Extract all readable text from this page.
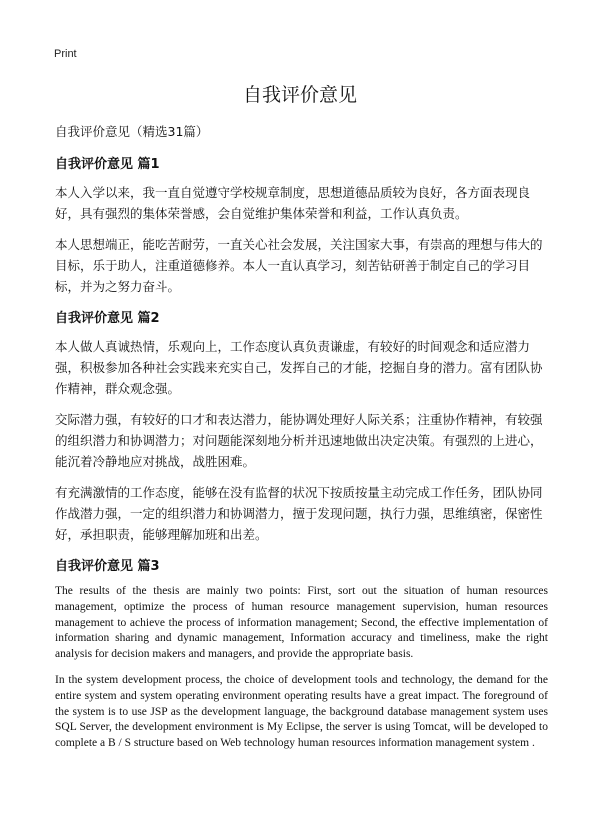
Print
自我评价意见

自我评价意见（精选31篇）

自我评价意见 篇1

本人入学以来，我一直自觉遵守学校规章制度，思想道德品质较为良好，各方面表现良好，具有强烈的集体荣誉感，会自觉维护集体荣誉和利益，工作认真负责。

本人思想端正，能吃苦耐劳，一直关心社会发展，关注国家大事，有崇高的理想与伟大的目标，乐于助人，注重道德修养。本人一直认真学习，刻苦钻研善于制定自己的学习目标，并为之努力奋斗。

自我评价意见 篇2

本人做人真诚热情，乐观向上，工作态度认真负责谦虚，有较好的时间观念和适应潜力强，积极参加各种社会实践来充实自己，发挥自己的才能，挖掘自身的潜力。富有团队协作精神，群众观念强。

交际潜力强，有较好的口才和表达潜力，能协调处理好人际关系；注重协作精神，有较强的组织潜力和协调潜力；对问题能深刻地分析并迅速地做出决定决策。有强烈的上进心，能沉着冷静地应对挑战，战胜困难。

有充满激情的工作态度，能够在没有监督的状况下按质按量主动完成工作任务，团队协同作战潜力强，一定的组织潜力和协调潜力，擅于发现问题，执行力强，思维缜密，保密性好，承担职责，能够理解加班和出差。

自我评价意见 篇3

The results of the thesis are mainly two points: First, sort out the situation of human resources management, optimize the process of human resource management supervision, human resources management to achieve the process of information management; Second, the effective implementation of information sharing and dynamic management, Information accuracy and timeliness, make the right analysis for decision makers and managers, and provide the appropriate basis.

In the system development process, the choice of development tools and technology, the demand for the entire system and system operating environment operating results have a great impact. The foreground of the system is to use JSP as the development language, the background database management system uses SQL Server, the development environment is My Eclipse, the server is using Tomcat, will be developed to complete a B / S structure based on Web technology human resources information management system .
